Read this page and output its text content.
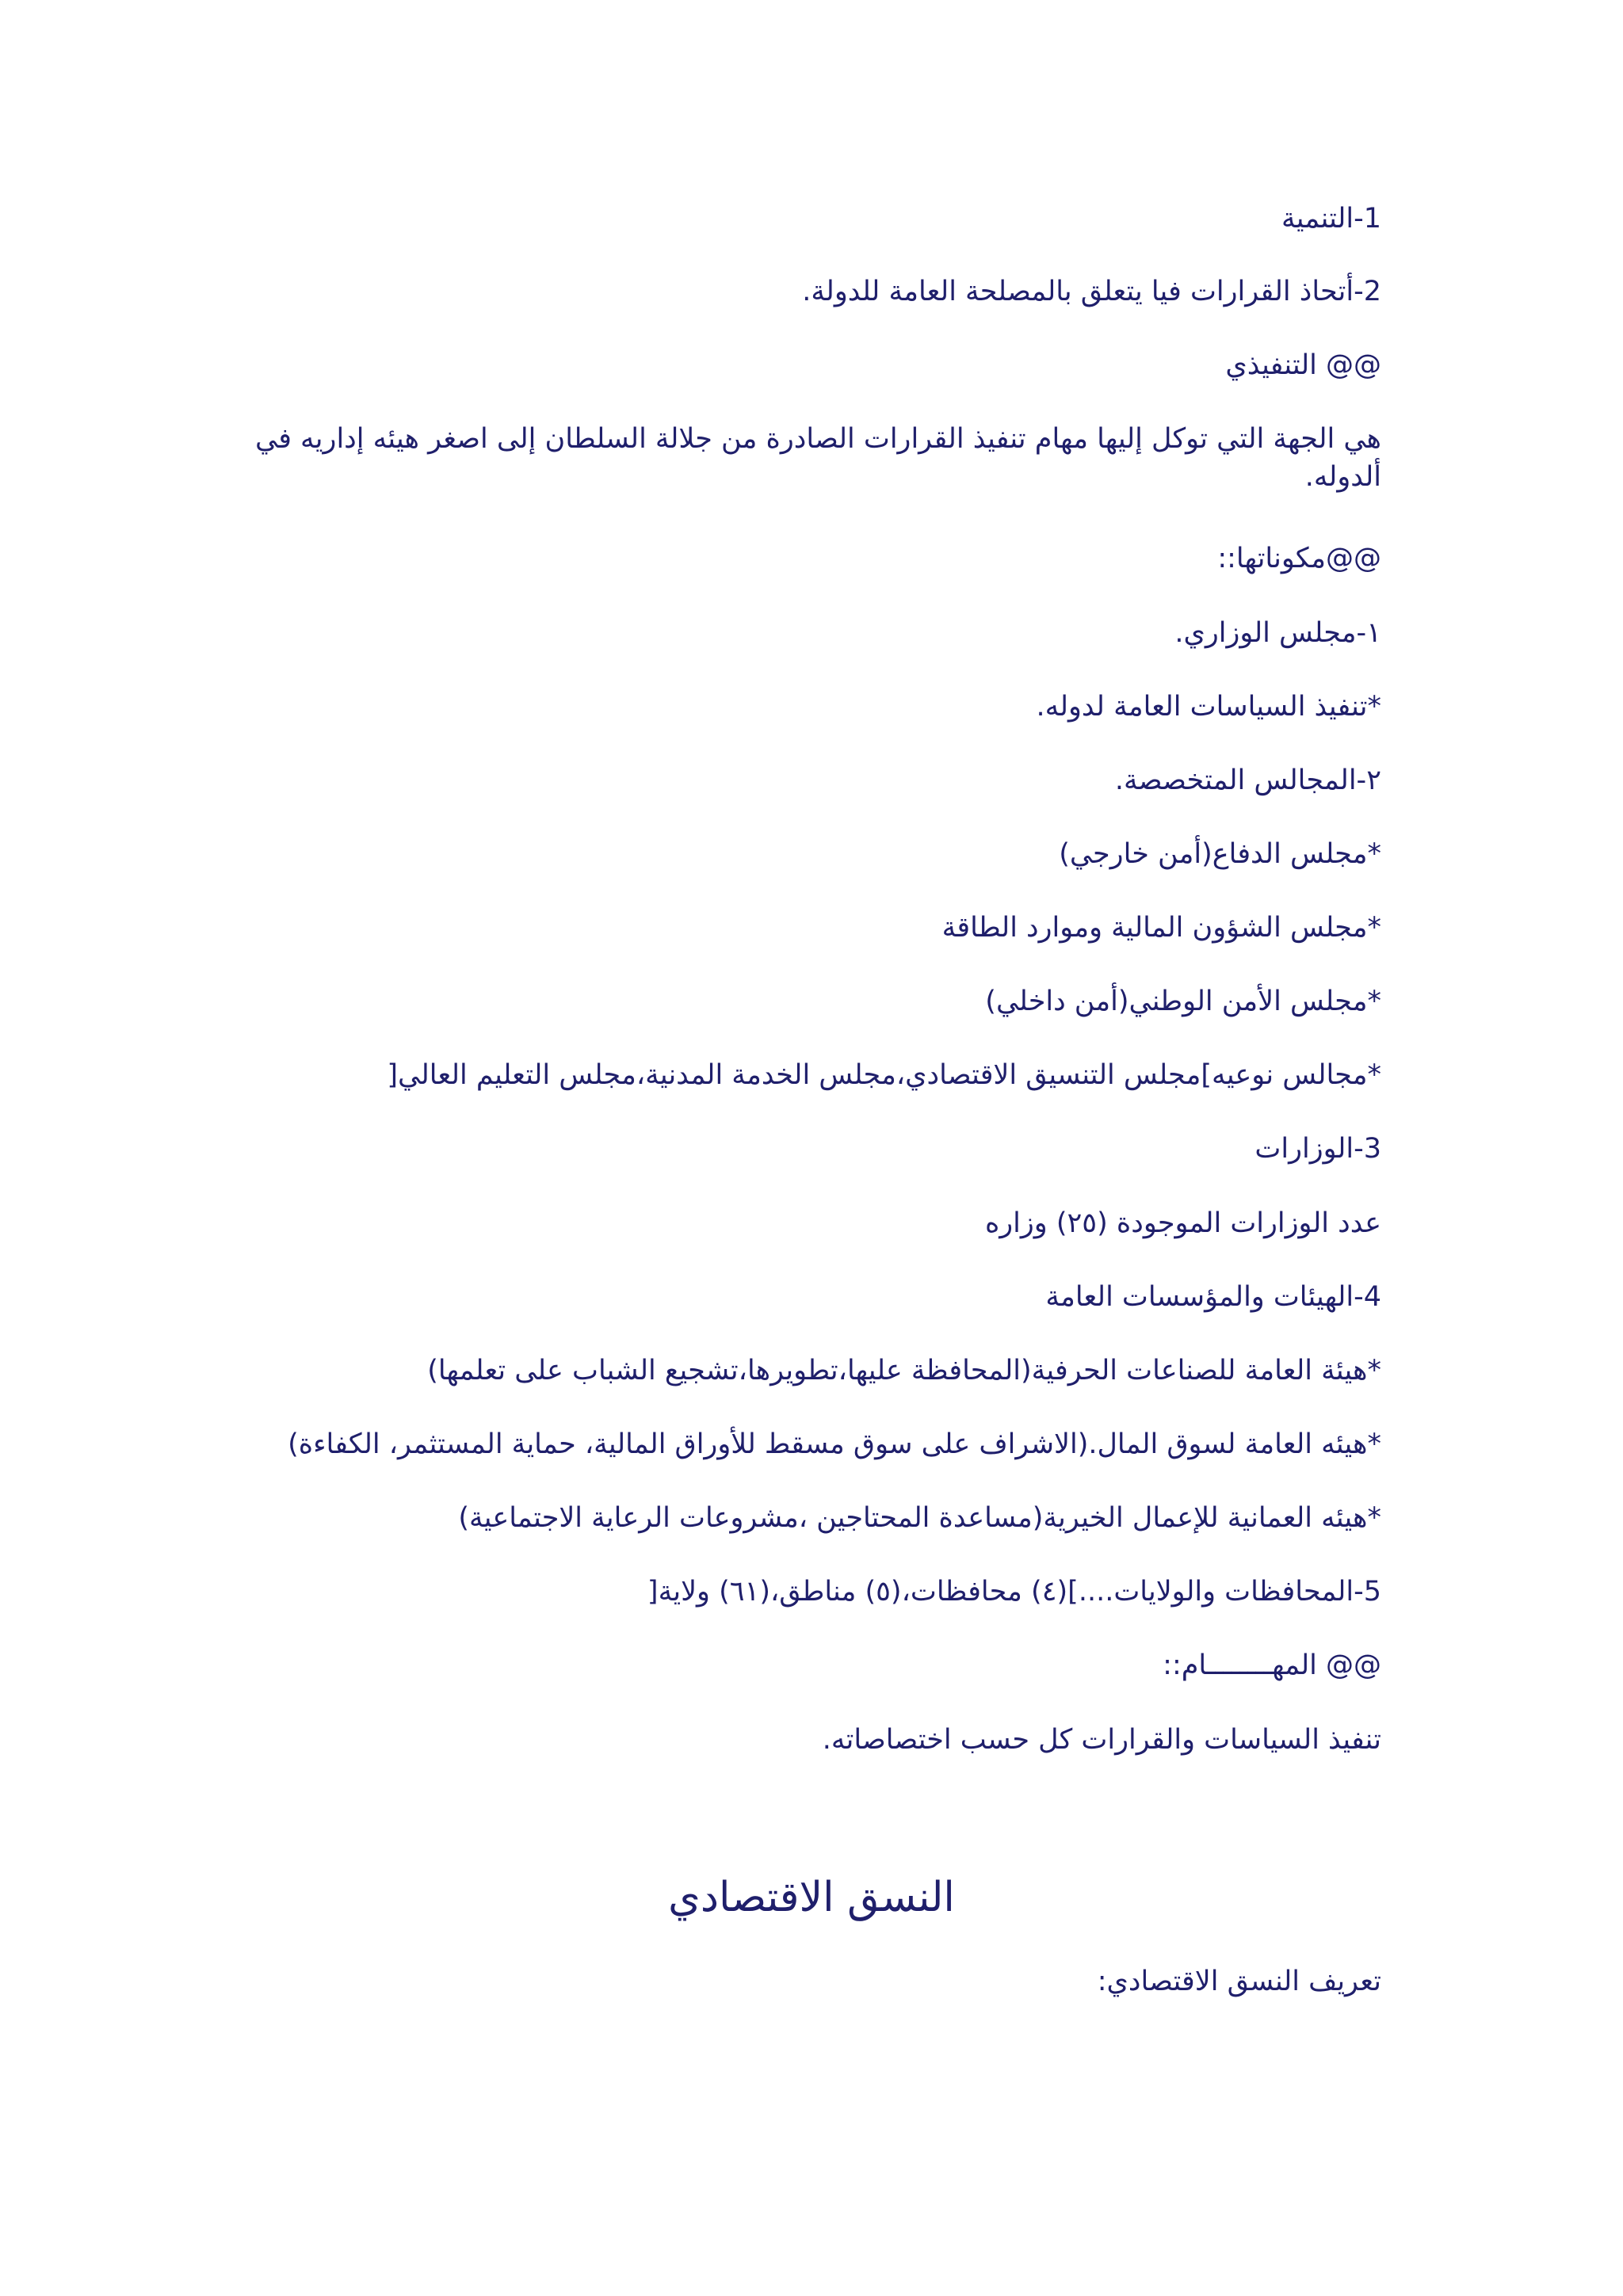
1-التنمية
2-أتحاذ القرارات فيا يتعلق بالمصلحة العامة للدولة.
@@ التنفيذي
هي الجهة التي توكل إليها مهام تنفيذ القرارات الصادرة من جلالة السلطان إلى اصغر هيئه إداريه في ألدوله.
@@مكوناتها::
١-مجلس الوزاري.
*تنفيذ السياسات العامة لدوله.
٢-المجالس المتخصصة.
*مجلس الدفاع(أمن خارجي)
*مجلس الشؤون المالية وموارد الطاقة
*مجلس الأمن الوطني(أمن داخلي)
*مجالس نوعيه]مجلس التنسيق الاقتصادي،مجلس الخدمة المدنية،مجلس التعليم العالي[
3-الوزارات
عدد الوزارات الموجودة (٢٥) وزاره
4-الهيئات والمؤسسات العامة
*هيئة العامة للصناعات الحرفية(المحافظة عليها،تطويرها،تشجيع الشباب على تعلمها)
*هيئه العامة لسوق المال.(الاشراف على سوق مسقط للأوراق المالية، حماية المستثمر، الكفاءة)
*هيئه العمانية للإعمال الخيرية(مساعدة المحتاجين ،مشروعات الرعاية الاجتماعية)
5-المحافظات والولايات....](٤) محافظات،(٥) مناطق،(٦١) ولاية[
@@ المهــــــــام::
تنفيذ السياسات والقرارات كل حسب اختصاصاته.
النسق الاقتصادي
تعريف النسق الاقتصادي:
